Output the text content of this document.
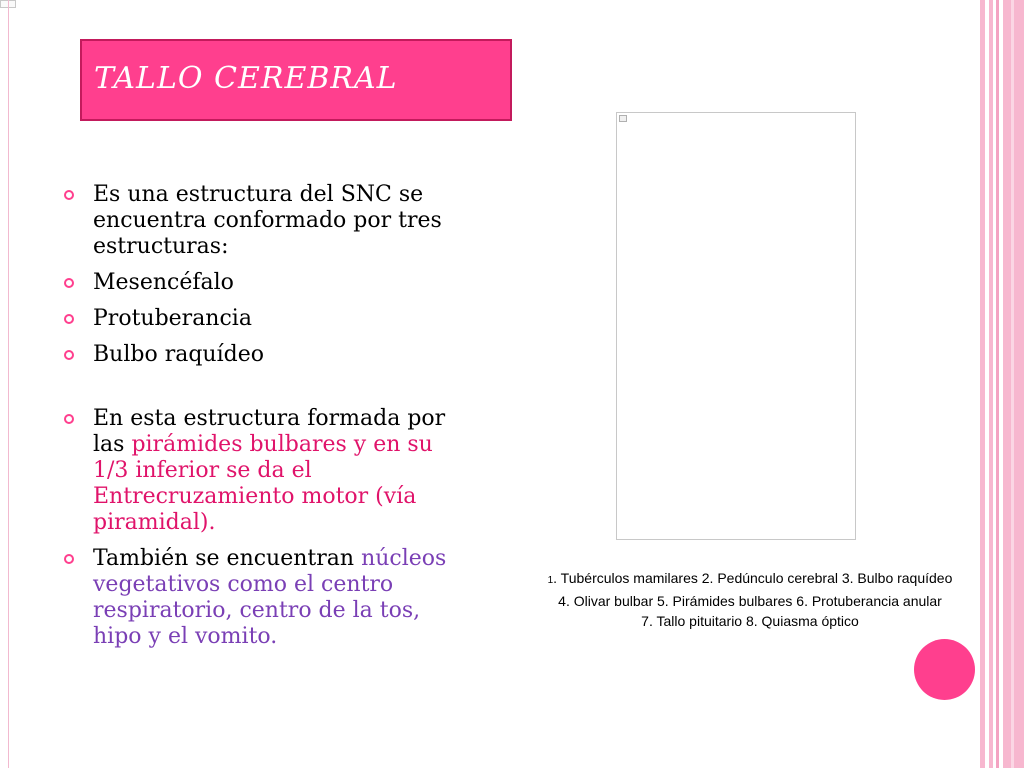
TALLO CEREBRAL
Es una estructura del SNC se encuentra conformado por tres estructuras:
Mesencéfalo
Protuberancia
Bulbo raquídeo
En esta estructura formada por las pirámides bulbares y en su 1/3 inferior se da el Entrecruzamiento motor (vía piramidal).
También se encuentran núcleos vegetativos como el centro respiratorio, centro de la tos, hipo y el vomito.
1. Tubérculos mamilares 2. Pedúnculo cerebral 3. Bulbo raquídeo
4. Olivar bulbar 5. Pirámides bulbares 6. Protuberancia anular
7. Tallo pituitario 8. Quiasma óptico
